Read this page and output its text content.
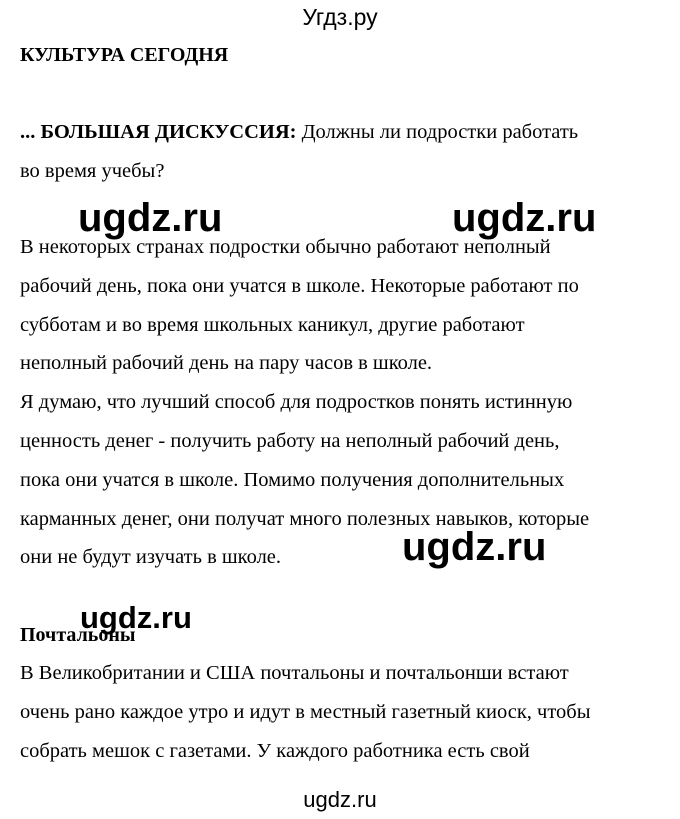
Угдз.ру
КУЛЬТУРА СЕГОДНЯ
... БОЛЬШАЯ ДИСКУССИЯ: Должны ли подростки работать
во время учебы?
В некоторых странах подростки обычно работают неполный
рабочий день, пока они учатся в школе. Некоторые работают по
субботам и во время школьных каникул, другие работают
неполный рабочий день на пару часов в школе.
Я думаю, что лучший способ для подростков понять истинную
ценность денег - получить работу на неполный рабочий день,
пока они учатся в школе. Помимо получения дополнительных
карманных денег, они получат много полезных навыков, которые
они не будут изучать в школе.
Почтальоны
В Великобритании и США почтальоны и почтальонши встают
очень рано каждое утро и идут в местный газетный киоск, чтобы
собрать мешок с газетами. У каждого работника есть свой
ugdz.ru	ugdz.ru
ugdz.ru
ugdz.ru
ugdz.ru
